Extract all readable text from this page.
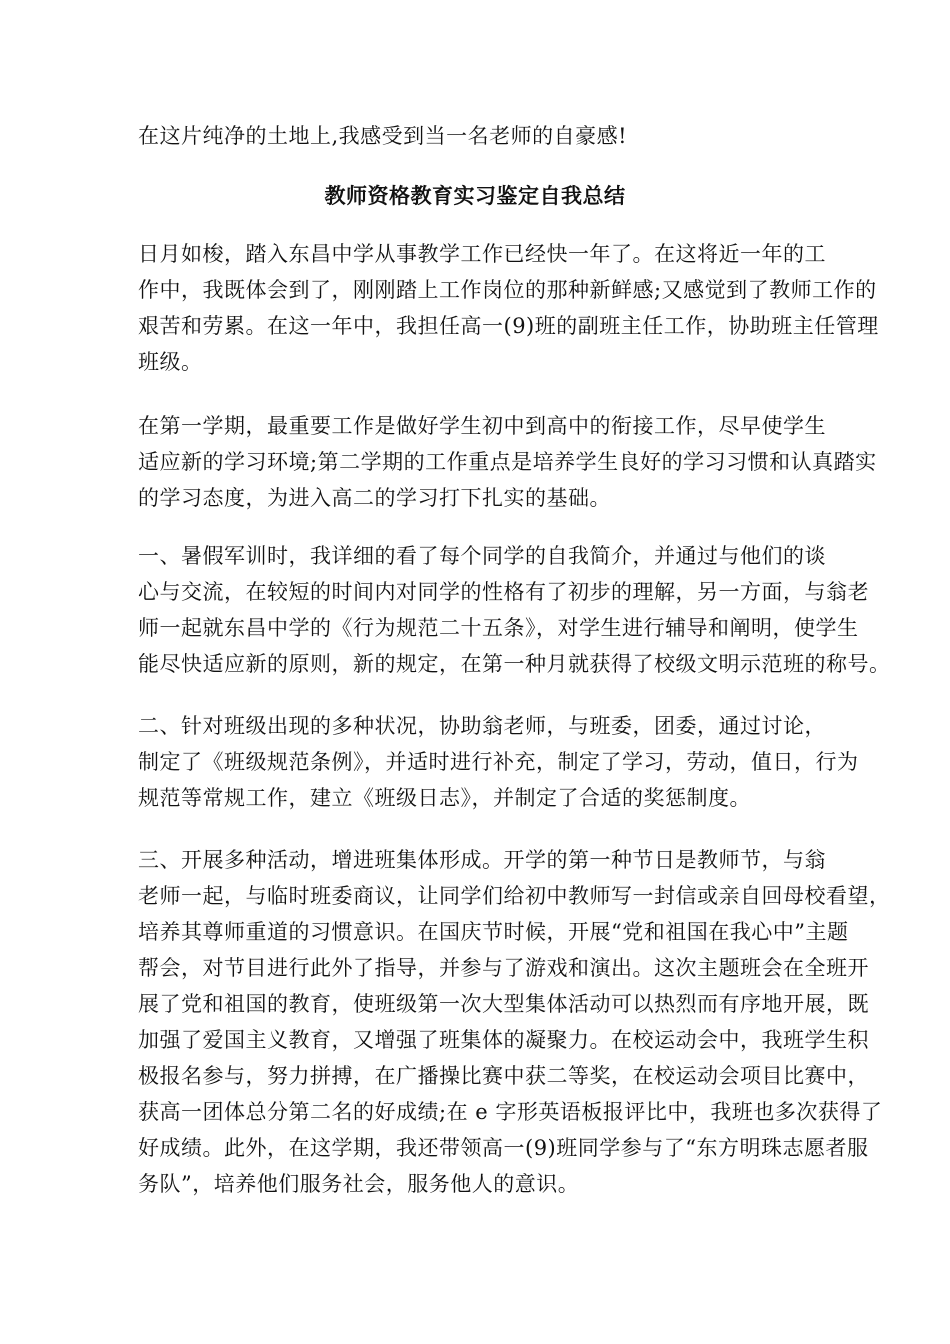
在这片纯净的土地上,我感受到当一名老师的自豪感!

教师资格教育实习鉴定自我总结

日月如梭，踏入东昌中学从事教学工作已经快一年了。在这将近一年的工
作中，我既体会到了，刚刚踏上工作岗位的那种新鲜感;又感觉到了教师工作的
艰苦和劳累。在这一年中，我担任高一(9)班的副班主任工作，协助班主任管理
班级。

在第一学期，最重要工作是做好学生初中到高中的衔接工作，尽早使学生
适应新的学习环境;第二学期的工作重点是培养学生良好的学习习惯和认真踏实
的学习态度，为进入高二的学习打下扎实的基础。

一、暑假军训时，我详细的看了每个同学的自我简介，并通过与他们的谈
心与交流，在较短的时间内对同学的性格有了初步的理解，另一方面，与翁老
师一起就东昌中学的《行为规范二十五条》，对学生进行辅导和阐明，使学生
能尽快适应新的原则，新的规定，在第一种月就获得了校级文明示范班的称号。

二、针对班级出现的多种状况，协助翁老师，与班委，团委，通过讨论，
制定了《班级规范条例》，并适时进行补充，制定了学习，劳动，值日，行为
规范等常规工作，建立《班级日志》，并制定了合适的奖惩制度。

三、开展多种活动，增进班集体形成。开学的第一种节日是教师节，与翁
老师一起，与临时班委商议，让同学们给初中教师写一封信或亲自回母校看望，
培养其尊师重道的习惯意识。在国庆节时候，开展“党和祖国在我心中”主题
帮会，对节目进行此外了指导，并参与了游戏和演出。这次主题班会在全班开
展了党和祖国的教育，使班级第一次大型集体活动可以热烈而有序地开展，既
加强了爱国主义教育，又增强了班集体的凝聚力。在校运动会中，我班学生积
极报名参与，努力拼搏，在广播操比赛中获二等奖，在校运动会项目比赛中，
获高一团体总分第二名的好成绩;在 e 字形英语板报评比中，我班也多次获得了
好成绩。此外，在这学期，我还带领高一(9)班同学参与了“东方明珠志愿者服
务队”，培养他们服务社会，服务他人的意识。
